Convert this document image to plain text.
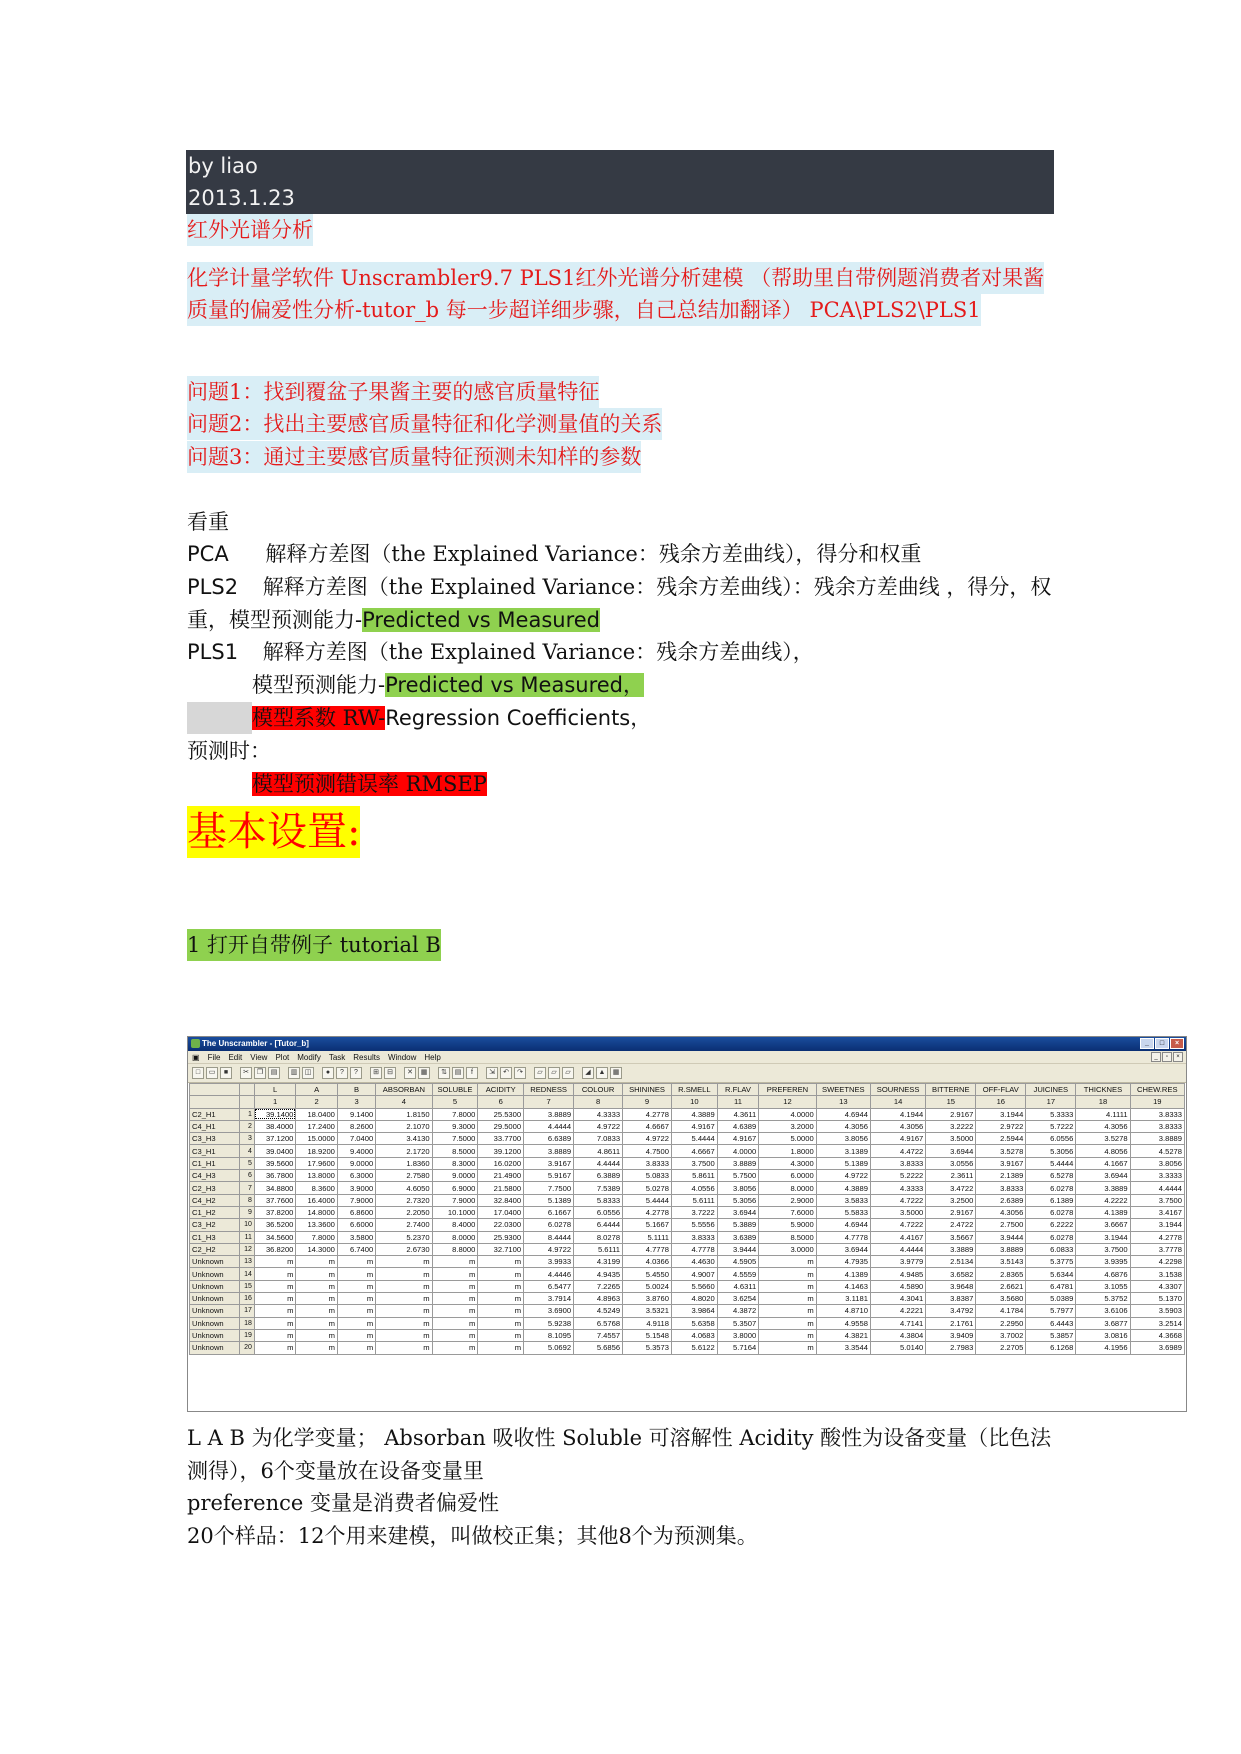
by liao
2013.1.23
红外光谱分析
化学计量学软件 Unscrambler9.7 PLS1红外光谱分析建模 （帮助里自带例题消费者对果酱
质量的偏爱性分析-tutor_b 每一步超详细步骤，自己总结加翻译） PCA\PLS2\PLS1
问题1：找到覆盆子果酱主要的感官质量特征
问题2：找出主要感官质量特征和化学测量值的关系
问题3：通过主要感官质量特征预测未知样的参数
看重
PCA 解释方差图（the Explained Variance：残余方差曲线），得分和权重
PLS2 解释方差图（the Explained Variance：残余方差曲线）：残余方差曲线 ，得分，权
重，模型预测能力-Predicted vs Measured
PLS1 解释方差图（the Explained Variance：残余方差曲线），
模型预测能力-Predicted vs Measured，
模型系数 RW-Regression Coefficients，
预测时：
模型预测错误率 RMSEP
基本设置:
1 打开自带例子 tutorial B
The Unscrambler - [Tutor_b]	_	□	×
▣ File Edit View Plot Modify Task Results Window Help	_	▫	×
□	▭	■	✂	❐	▤	▥	◫	●	?	?	⊞	⊟	✕	▦	⇅	▤	f	⇲	↶	↷	▱	▱	▱	◢	▲	▦
		L	A	B	ABSORBAN	SOLUBLE	ACIDITY	REDNESS	COLOUR	SHININES	R.SMELL	R.FLAV	PREFEREN	SWEETNES	SOURNESS	BITTERNE	OFF-FLAV	JUICINES	THICKNES	CHEW.RES
		1	2	3	4	5	6	7	8	9	10	11	12	13	14	15	16	17	18	19
C2_H1	1	39.1400	18.0400	9.1400	1.8150	7.8000	25.5300	3.8889	4.3333	4.2778	4.3889	4.3611	4.0000	4.6944	4.1944	2.9167	3.1944	5.3333	4.1111	3.8333
C4_H1	2	38.4000	17.2400	8.2600	2.1070	9.3000	29.5000	4.4444	4.9722	4.6667	4.9167	4.6389	3.2000	4.3056	4.3056	3.2222	2.9722	5.7222	4.3056	3.8333
C3_H3	3	37.1200	15.0000	7.0400	3.4130	7.5000	33.7700	6.6389	7.0833	4.9722	5.4444	4.9167	5.0000	3.8056	4.9167	3.5000	2.5944	6.0556	3.5278	3.8889
C3_H1	4	39.0400	18.9200	9.4000	2.1720	8.5000	39.1200	3.8889	4.8611	4.7500	4.6667	4.0000	1.8000	3.1389	4.4722	3.6944	3.5278	5.3056	4.8056	4.5278
C1_H1	5	39.5600	17.9600	9.0000	1.8360	8.3000	16.0200	3.9167	4.4444	3.8333	3.7500	3.8889	4.3000	5.1389	3.8333	3.0556	3.9167	5.4444	4.1667	3.8056
C4_H3	6	36.7800	13.8000	6.3000	2.7580	9.0000	21.4900	5.9167	6.3889	5.0833	5.8611	5.7500	6.0000	4.9722	5.2222	2.3611	2.1389	6.5278	3.6944	3.3333
C2_H3	7	34.8800	8.3600	3.9000	4.6050	6.9000	21.5800	7.7500	7.5389	5.0278	4.0556	3.8056	8.0000	4.3889	4.3333	3.4722	3.8333	6.0278	3.3889	4.4444
C4_H2	8	37.7600	16.4000	7.9000	2.7320	7.9000	32.8400	5.1389	5.8333	5.4444	5.6111	5.3056	2.9000	3.5833	4.7222	3.2500	2.6389	6.1389	4.2222	3.7500
C1_H2	9	37.8200	14.8000	6.8600	2.2050	10.1000	17.0400	6.1667	6.0556	4.2778	3.7222	3.6944	7.6000	5.5833	3.5000	2.9167	4.3056	6.0278	4.1389	3.4167
C3_H2	10	36.5200	13.3600	6.6000	2.7400	8.4000	22.0300	6.0278	6.4444	5.1667	5.5556	5.3889	5.9000	4.6944	4.7222	2.4722	2.7500	6.2222	3.6667	3.1944
C1_H3	11	34.5600	7.8000	3.5800	5.2370	8.0000	25.9300	8.4444	8.0278	5.1111	3.8333	3.6389	8.5000	4.7778	4.4167	3.5667	3.9444	6.0278	3.1944	4.2778
C2_H2	12	36.8200	14.3000	6.7400	2.6730	8.8000	32.7100	4.9722	5.6111	4.7778	4.7778	3.9444	3.0000	3.6944	4.4444	3.3889	3.8889	6.0833	3.7500	3.7778
Unknown	13	m	m	m	m	m	m	3.9933	4.3199	4.0366	4.4630	4.5905	m	4.7935	3.9779	2.5134	3.5143	5.3775	3.9395	4.2298
Unknown	14	m	m	m	m	m	m	4.4446	4.9435	5.4550	4.9007	4.5559	m	4.1389	4.9485	3.6582	2.8365	5.6344	4.6876	3.1538
Unknown	15	m	m	m	m	m	m	6.5477	7.2265	5.0024	5.5660	4.6311	m	4.1463	4.5890	3.9648	2.6621	6.4781	3.1055	4.3307
Unknown	16	m	m	m	m	m	m	3.7914	4.8963	3.8760	4.8020	3.6254	m	3.1181	4.3041	3.8387	3.5680	5.0389	5.3752	5.1370
Unknown	17	m	m	m	m	m	m	3.6900	4.5249	3.5321	3.9864	4.3872	m	4.8710	4.2221	3.4792	4.1784	5.7977	3.6106	3.5903
Unknown	18	m	m	m	m	m	m	5.9238	6.5768	4.9118	5.6358	5.3507	m	4.9558	4.7141	2.1761	2.2950	6.4443	3.6877	3.2514
Unknown	19	m	m	m	m	m	m	8.1095	7.4557	5.1548	4.0683	3.8000	m	4.3821	4.3804	3.9409	3.7002	5.3857	3.0816	4.3668
Unknown	20	m	m	m	m	m	m	5.0692	5.6856	5.3573	5.6122	5.7164	m	3.3544	5.0140	2.7983	2.2705	6.1268	4.1956	3.6989
L A B 为化学变量； Absorban 吸收性 Soluble 可溶解性 Acidity 酸性为设备变量（比色法
测得），6个变量放在设备变量里
preference 变量是消费者偏爱性
20个样品：12个用来建模，叫做校正集；其他8个为预测集。
